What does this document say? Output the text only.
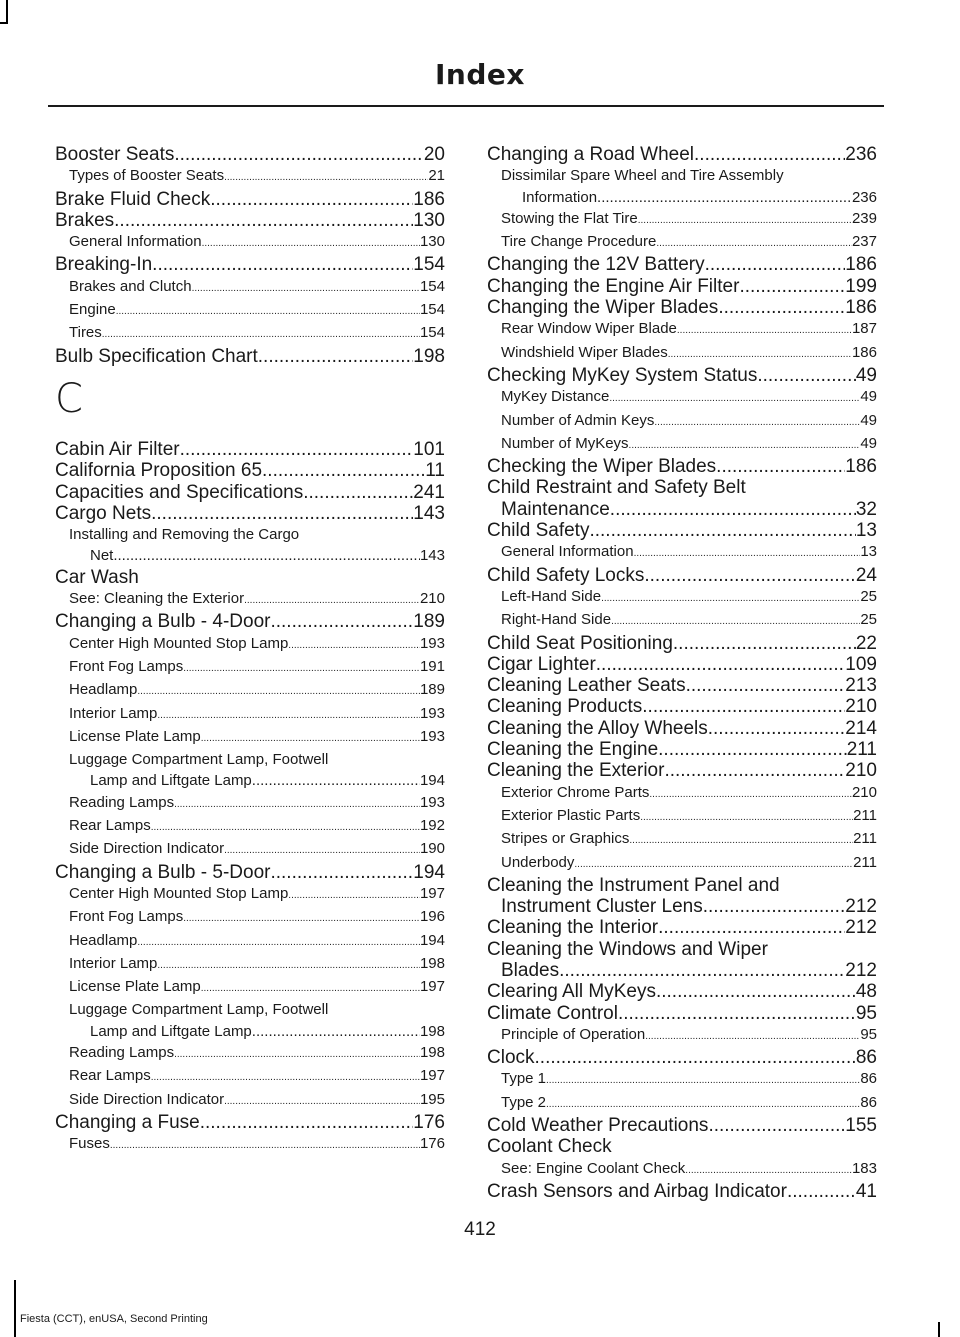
Index
Booster Seats .....	20
Types of Booster Seats .....	21
Brake Fluid Check .....	186
Brakes .....	130
General Information .....	130
Breaking-In .....	154
Brakes and Clutch .....	154
Engine .....	154
Tires .....	154
Bulb Specification Chart .....	198
C
Cabin Air Filter .....	101
California Proposition 65 .....	11
Capacities and Specifications .....	241
Cargo Nets .....	143
Installing and Removing the Cargo
Net .....	143
Car Wash
See: Cleaning the Exterior .....	210
Changing a Bulb - 4-Door .....	189
Center High Mounted Stop Lamp .....	193
Front Fog Lamps .....	191
Headlamp .....	189
Interior Lamp .....	193
License Plate Lamp .....	193
Luggage Compartment Lamp, Footwell
Lamp and Liftgate Lamp .....	194
Reading Lamps .....	193
Rear Lamps .....	192
Side Direction Indicator .....	190
Changing a Bulb - 5-Door .....	194
Center High Mounted Stop Lamp .....	197
Front Fog Lamps .....	196
Headlamp .....	194
Interior Lamp .....	198
License Plate Lamp .....	197
Luggage Compartment Lamp, Footwell
Lamp and Liftgate Lamp .....	198
Reading Lamps .....	198
Rear Lamps .....	197
Side Direction Indicator .....	195
Changing a Fuse .....	176
Fuses .....	176
Changing a Road Wheel .....	236
Dissimilar Spare Wheel and Tire Assembly
Information .....	236
Stowing the Flat Tire .....	239
Tire Change Procedure .....	237
Changing the 12V Battery .....	186
Changing the Engine Air Filter .....	199
Changing the Wiper Blades .....	186
Rear Window Wiper Blade .....	187
Windshield Wiper Blades .....	186
Checking MyKey System Status .....	49
MyKey Distance .....	49
Number of Admin Keys .....	49
Number of MyKeys .....	49
Checking the Wiper Blades .....	186
Child Restraint and Safety Belt
Maintenance .....	32
Child Safety .....	13
General Information .....	13
Child Safety Locks .....	24
Left-Hand Side .....	25
Right-Hand Side .....	25
Child Seat Positioning .....	22
Cigar Lighter .....	109
Cleaning Leather Seats .....	213
Cleaning Products .....	210
Cleaning the Alloy Wheels .....	214
Cleaning the Engine .....	211
Cleaning the Exterior .....	210
Exterior Chrome Parts .....	210
Exterior Plastic Parts .....	211
Stripes or Graphics .....	211
Underbody .....	211
Cleaning the Instrument Panel and
Instrument Cluster Lens .....	212
Cleaning the Interior .....	212
Cleaning the Windows and Wiper
Blades .....	212
Clearing All MyKeys .....	48
Climate Control .....	95
Principle of Operation .....	95
Clock .....	86
Type 1 .....	86
Type 2 .....	86
Cold Weather Precautions .....	155
Coolant Check
See: Engine Coolant Check .....	183
Crash Sensors and Airbag Indicator .....	41
412
Fiesta (CCT), enUSA, Second Printing
